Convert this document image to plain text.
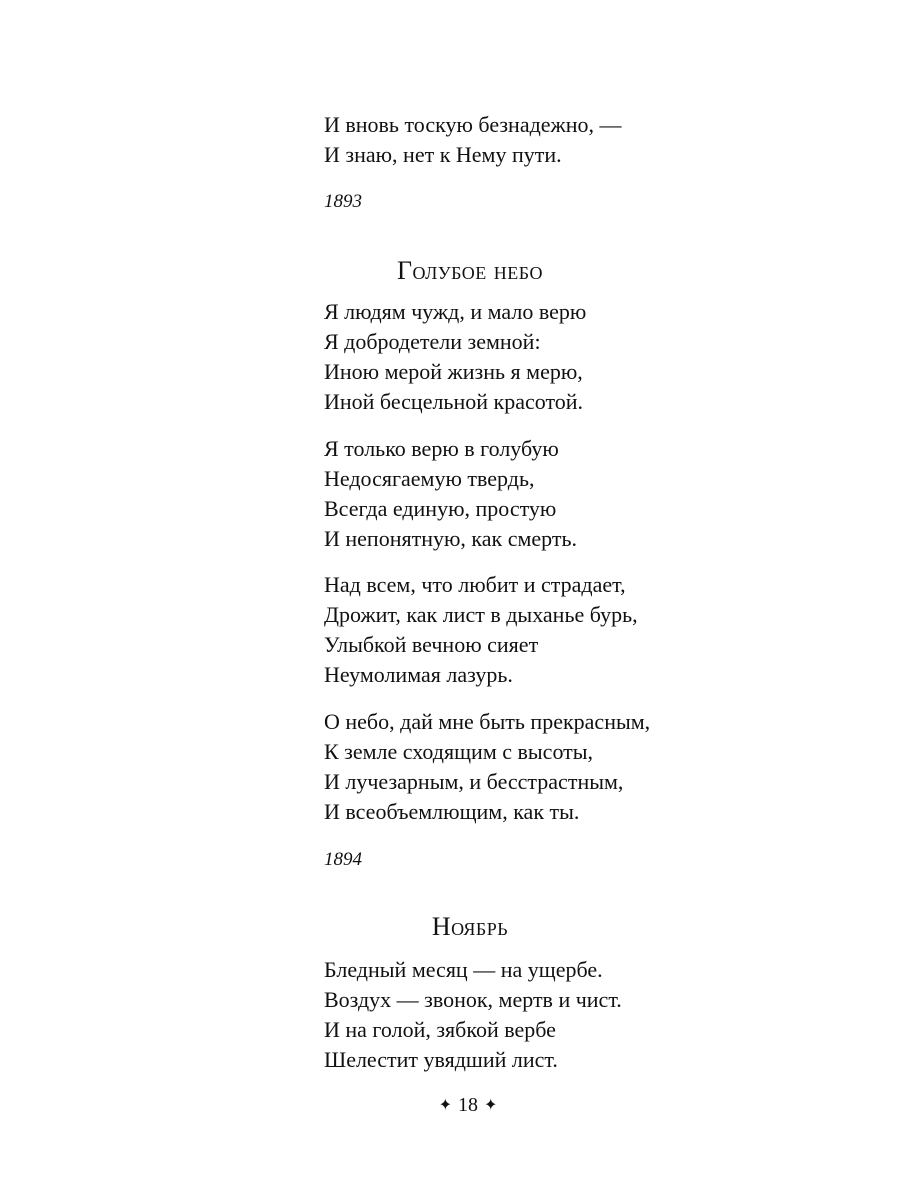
И вновь тоскую безнадежно, —
И знаю, нет к Нему пути.
1893
Голубое небо
Я людям чужд, и мало верю
Я добродетели земной:
Иною мерой жизнь я мерю,
Иной бесцельной красотой.
Я только верю в голубую
Недосягаемую твердь,
Всегда единую, простую
И непонятную, как смерть.
Над всем, что любит и страдает,
Дрожит, как лист в дыханье бурь,
Улыбкой вечною сияет
Неумолимая лазурь.
О небо, дай мне быть прекрасным,
К земле сходящим с высоты,
И лучезарным, и бесстрастным,
И всеобъемлющим, как ты.
1894
Ноябрь
Бледный месяц — на ущербе.
Воздух — звонок, мертв и чист.
И на голой, зябкой вербе
Шелестит увядший лист.
✦ 18 ✦
